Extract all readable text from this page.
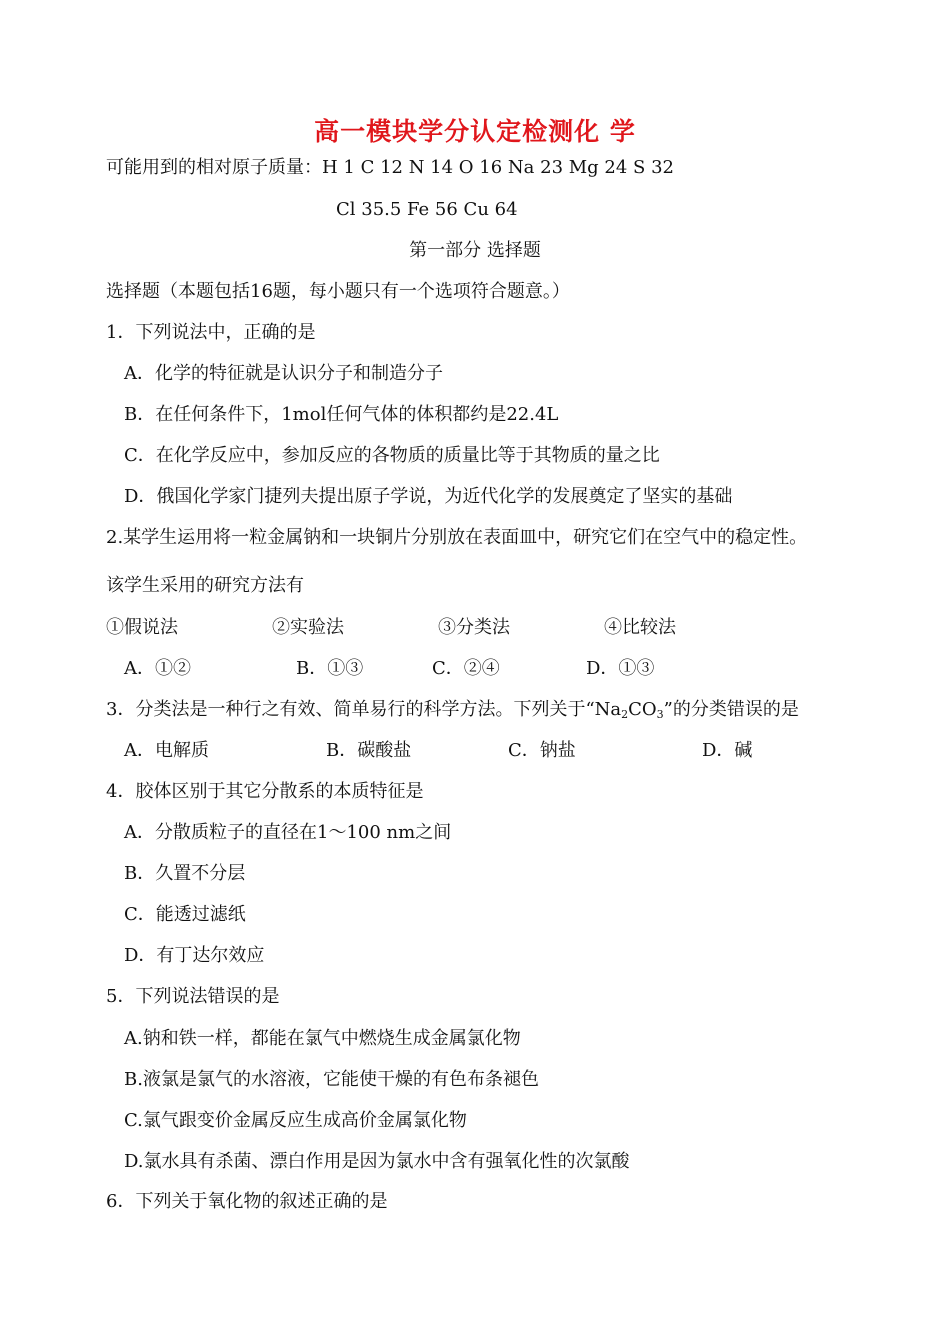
高一模块学分认定检测化 学
可能用到的相对原子质量：H 1 C 12 N 14 O 16 Na 23 Mg 24 S 32
Cl 35.5 Fe 56 Cu 64
第一部分 选择题
选择题（本题包括16题，每小题只有一个选项符合题意。）
1．下列说法中，正确的是
A．化学的特征就是认识分子和制造分子
B．在任何条件下，1mol任何气体的体积都约是22.4L
C．在化学反应中，参加反应的各物质的质量比等于其物质的量之比
D．俄国化学家门捷列夫提出原子学说，为近代化学的发展奠定了坚实的基础
2.某学生运用将一粒金属钠和一块铜片分别放在表面皿中，研究它们在空气中的稳定性。
该学生采用的研究方法有
①假说法	②实验法	③分类法	④比较法
A．①②	B．①③	C．②④	D．①③
3．分类法是一种行之有效、简单易行的科学方法。下列关于“$Na_2CO_3$”的分类错误的是
A．电解质	B．碳酸盐	C．钠盐	D．碱
4．胶体区别于其它分散系的本质特征是
A．分散质粒子的直径在1～100 nm之间
B．久置不分层
C．能透过滤纸
D．有丁达尔效应
5．下列说法错误的是
A.钠和铁一样，都能在氯气中燃烧生成金属氯化物
B.液氯是氯气的水溶液，它能使干燥的有色布条褪色
C.氯气跟变价金属反应生成高价金属氯化物
D.氯水具有杀菌、漂白作用是因为氯水中含有强氧化性的次氯酸
6．下列关于氧化物的叙述正确的是
